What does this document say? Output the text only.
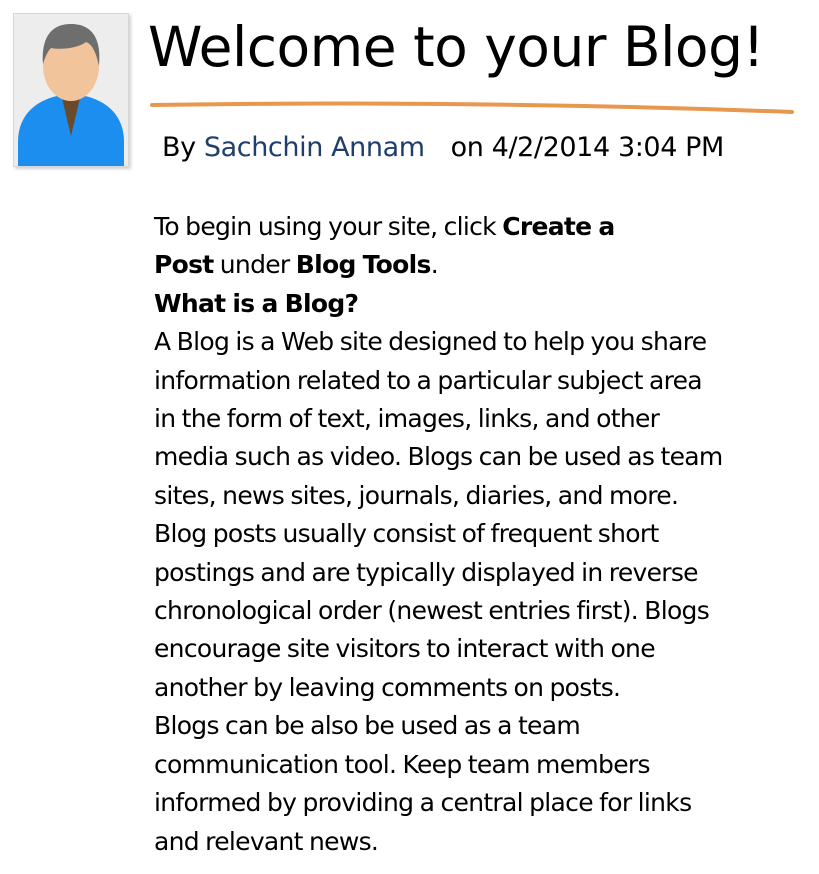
Welcome to your Blog!
By Sachchin Annam on 4/2/2014 3:04 PM

To begin using your site, click Create a

Post under Blog Tools.

What is a Blog?

A Blog is a Web site designed to help you share

information related to a particular subject area

in the form of text, images, links, and other

media such as video. Blogs can be used as team

sites, news sites, journals, diaries, and more.

Blog posts usually consist of frequent short

postings and are typically displayed in reverse

chronological order (newest entries first). Blogs

encourage site visitors to interact with one

another by leaving comments on posts.

Blogs can be also be used as a team

communication tool. Keep team members

informed by providing a central place for links

and relevant news.
